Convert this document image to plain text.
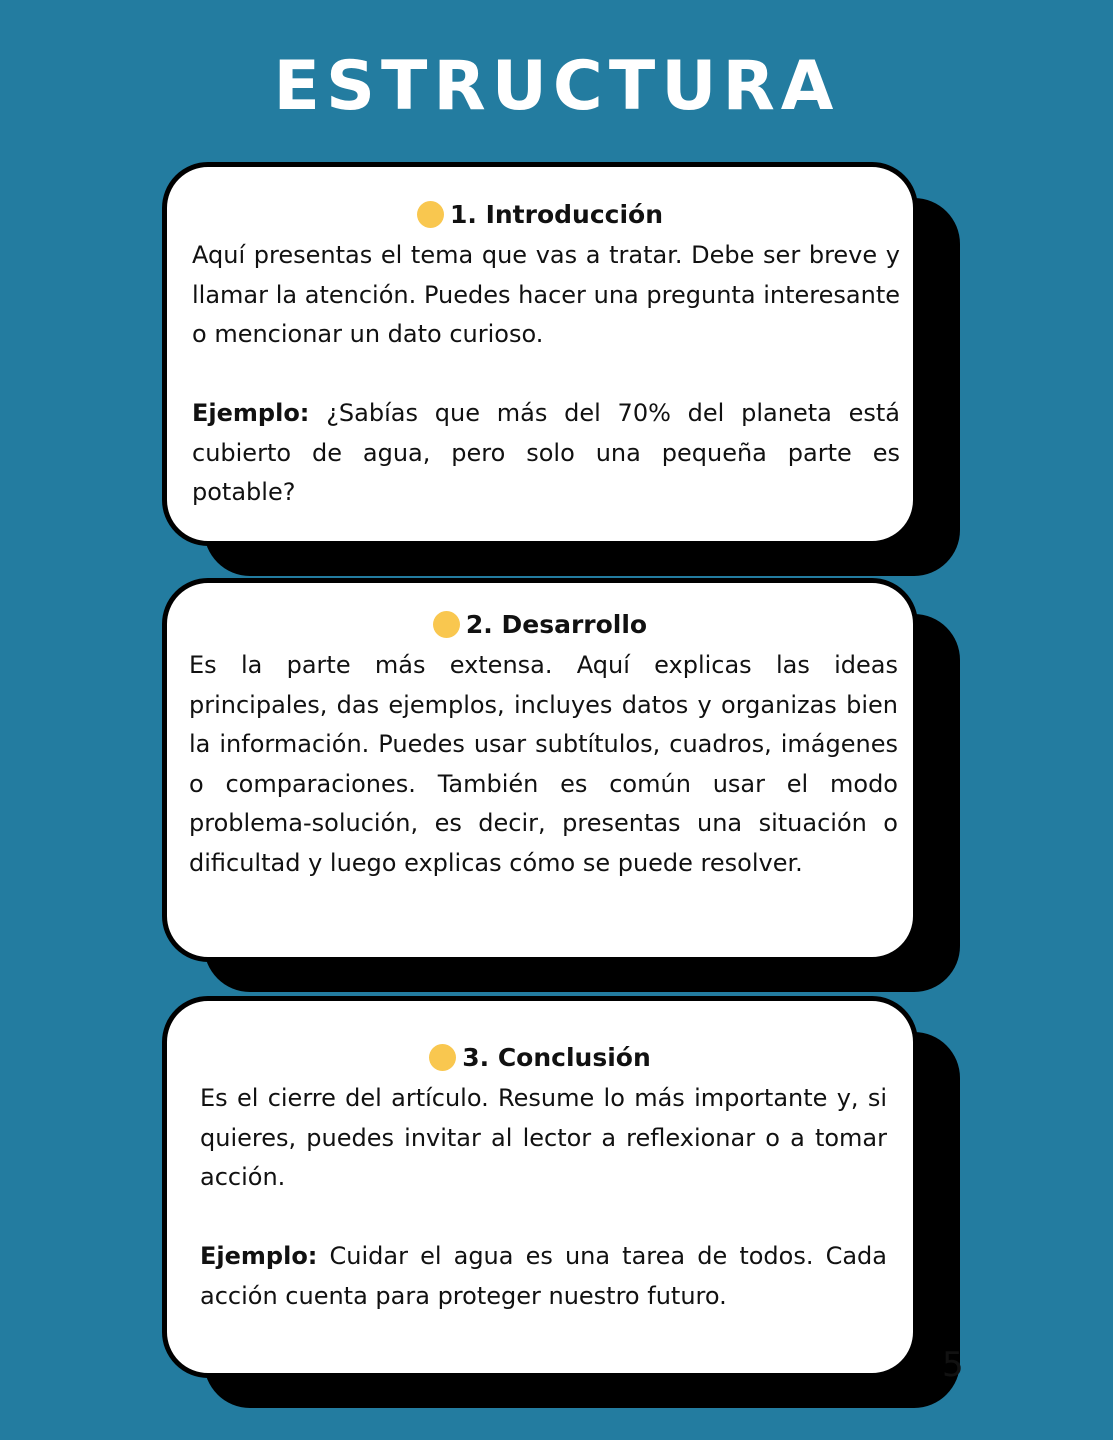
ESTRUCTURA
1. Introducción

Aquí presentas el tema que vas a tratar. Debe ser breve y llamar la atención. Puedes hacer una pregunta interesante o mencionar un dato curioso.

Ejemplo: ¿Sabías que más del 70% del planeta está cubierto de agua, pero solo una pequeña parte es potable?

2. Desarrollo

Es la parte más extensa. Aquí explicas las ideas principales, das ejemplos, incluyes datos y organizas bien la información. Puedes usar subtítulos, cuadros, imágenes o comparaciones. También es común usar el modo problema-solución, es decir, presentas una situación o dificultad y luego explicas cómo se puede resolver.

3. Conclusión

Es el cierre del artículo. Resume lo más importante y, si quieres, puedes invitar al lector a reflexionar o a tomar acción.

Ejemplo: Cuidar el agua es una tarea de todos. Cada acción cuenta para proteger nuestro futuro.

5
